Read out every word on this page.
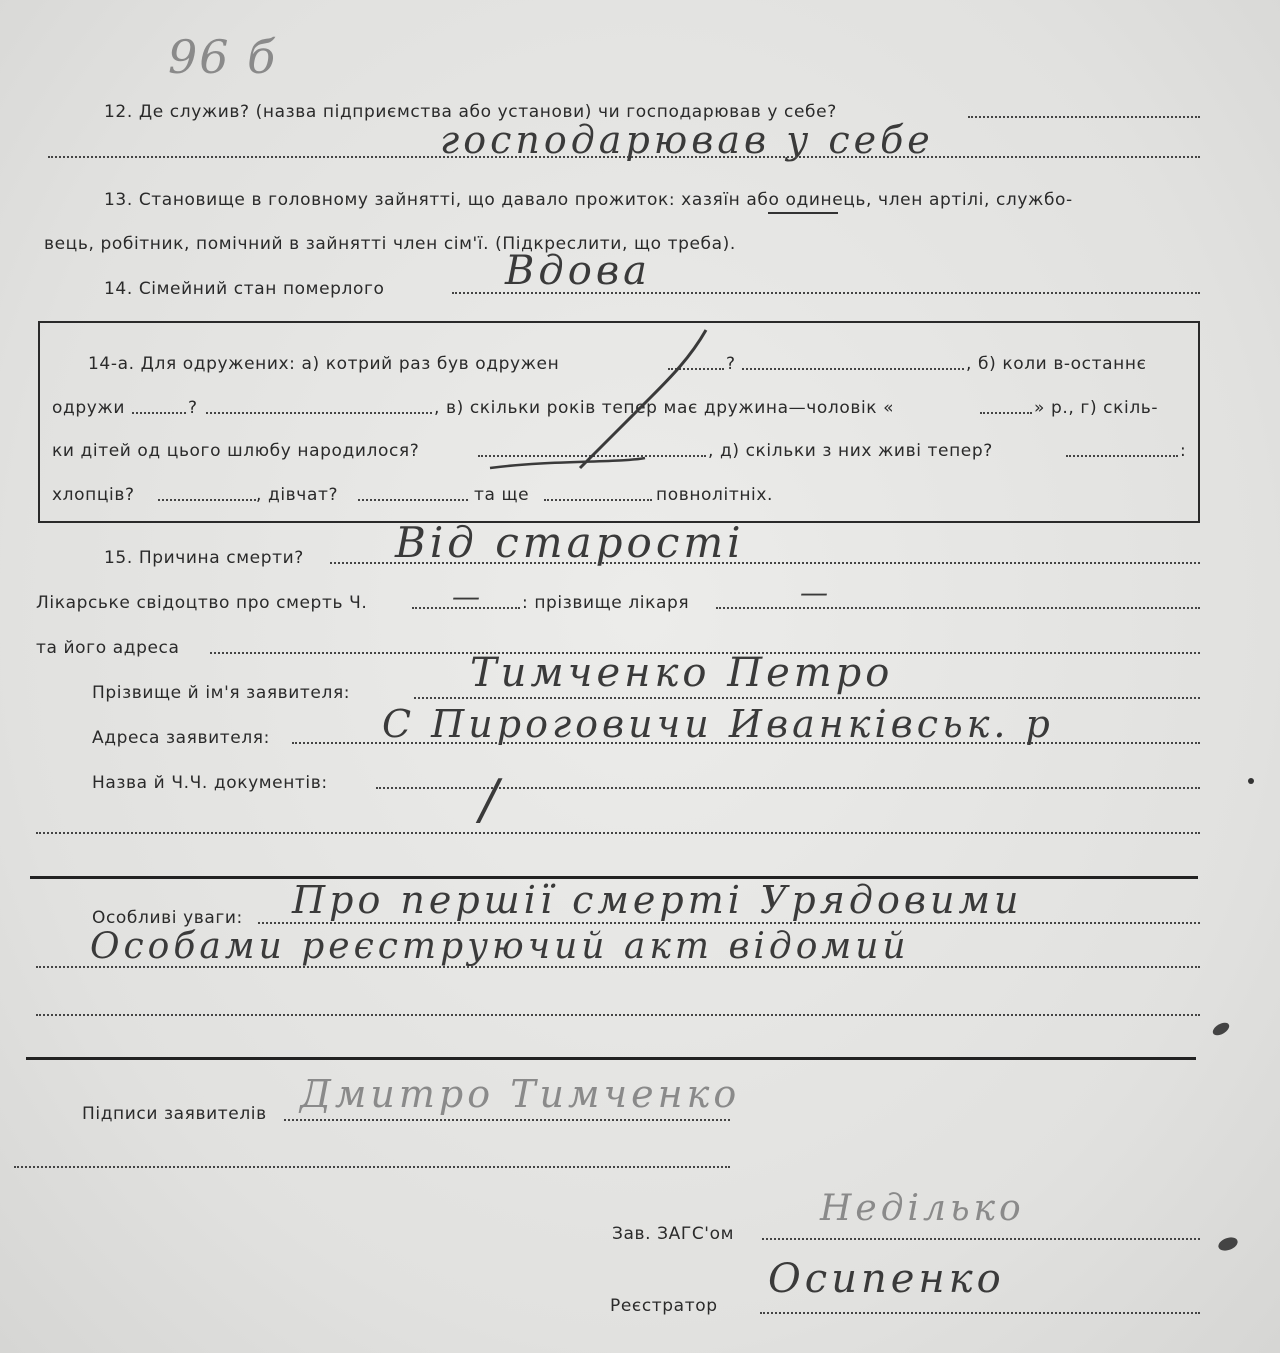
96 б
12. Де служив? (назва підприємства або установи) чи господарював у себе?
господарював у себе
13. Становище в головному зайнятті, що давало прожиток: хазяїн або одинець, член артілі, службо-
вець, робітник, помічний в зайнятті член сім'ї. (Підкреслити, що треба).
14. Сімейний стан померлого	Вдова
14-а. Для одружених: а) котрий раз був одружен	?	, б) коли в-останнє
одружи	?	, в) скільки років тепер має дружина—чоловік «	» р., г) скіль-
ки дітей од цього шлюбу народилося?	, д) скільки з них живі тепер?	:
хлопців?	, дівчат?	та ще	повнолітніх.
15. Причина смерти? Від старості
Лікарське свідоцтво про смерть Ч.	— : прізвище лікаря	—
та його адреса
Прізвище й ім'я заявителя:	Тимченко Петро
Адреса заявителя:	С Пироговичи Иванківськ. р
Назва й Ч.Ч. документів:	/
Особливі уваги: Про першії смерті Урядовими
Особами реєструючий акт відомий
Підписи заявителів Дмитро Тимченко
Зав. ЗАГС'ом
Неділько
Реєстратор
Осипенко
